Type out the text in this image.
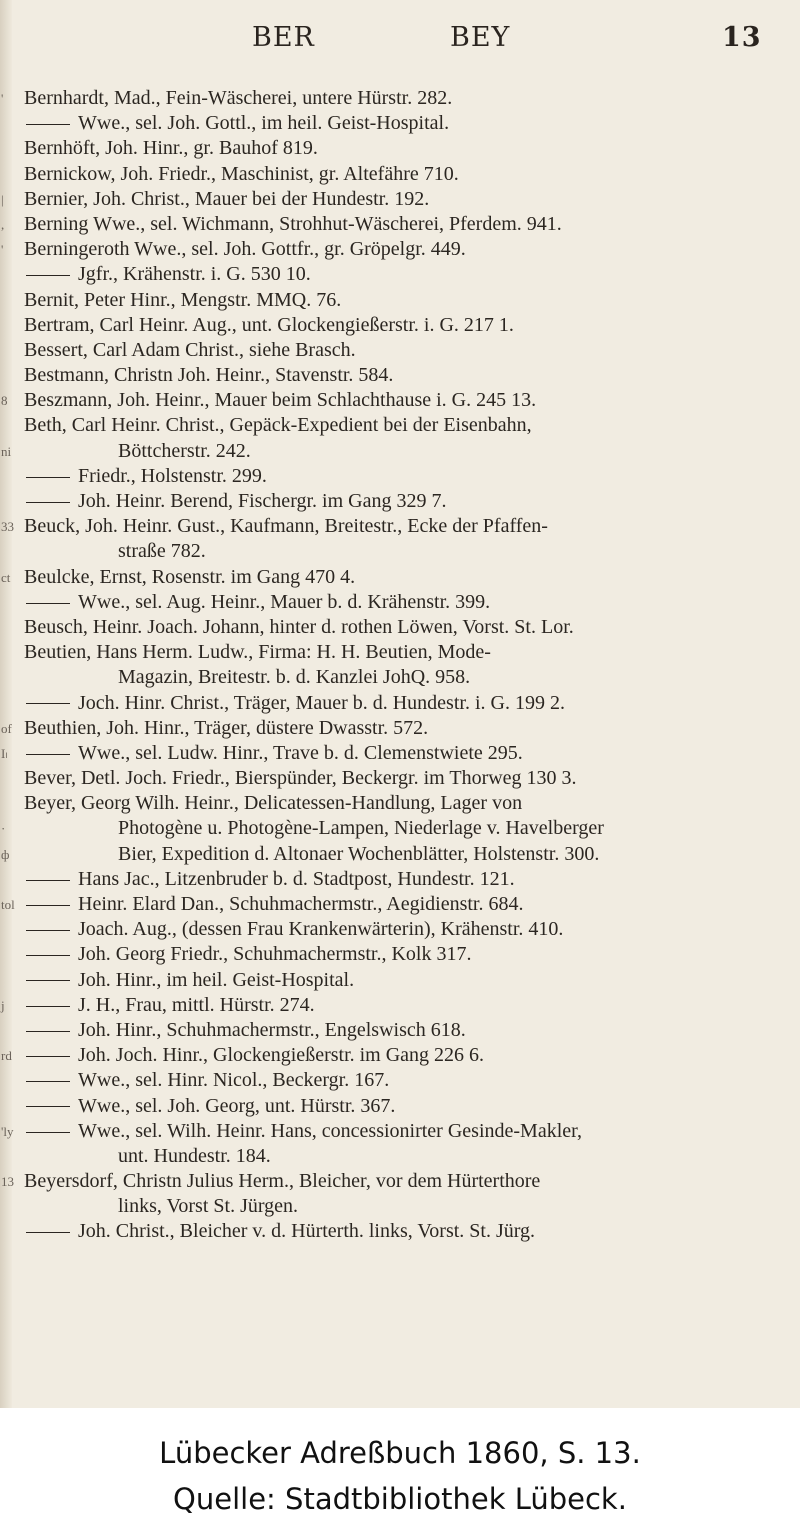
BER	BEY	13
'	Bernhardt, Mad., Fein-Wäscherei, untere Hürstr. 282.
Wwe., sel. Joh. Gottl., im heil. Geist-Hospital.
Bernhöft, Joh. Hinr., gr. Bauhof 819.
Bernickow, Joh. Friedr., Maschinist, gr. Altefähre 710.
|	Bernier, Joh. Christ., Mauer bei der Hundestr. 192.
, Berning Wwe., sel. Wichmann, Strohhut-Wäscherei, Pferdem. 941.
'	Berningeroth Wwe., sel. Joh. Gottfr., gr. Gröpelgr. 449.
Jgfr., Krähenstr. i. G. 530 10.
Bernit, Peter Hinr., Mengstr. MMQ. 76.
Bertram, Carl Heinr. Aug., unt. Glockengießerstr. i. G. 217 1.
Bessert, Carl Adam Christ., siehe Brasch.
Bestmann, Christn Joh. Heinr., Stavenstr. 584.
8 Beszmann, Joh. Heinr., Mauer beim Schlachthause i. G. 245 13.
Beth, Carl Heinr. Christ., Gepäck-Expedient bei der Eisenbahn,
ni	Böttcherstr. 242.
Friedr., Holstenstr. 299.
Joh. Heinr. Berend, Fischergr. im Gang 329 7.
33 Beuck, Joh. Heinr. Gust., Kaufmann, Breitestr., Ecke der Pfaffen-
straße 782.
ct Beulcke, Ernst, Rosenstr. im Gang 470 4.
Wwe., sel. Aug. Heinr., Mauer b. d. Krähenstr. 399.
Beusch, Heinr. Joach. Johann, hinter d. rothen Löwen, Vorst. St. Lor.
Beutien, Hans Herm. Ludw., Firma: H. H. Beutien, Mode-
Magazin, Breitestr. b. d. Kanzlei JohQ. 958.
Joch. Hinr. Christ., Träger, Mauer b. d. Hundestr. i. G. 199 2.
of Beuthien, Joh. Hinr., Träger, düstere Dwasstr. 572.
Iₗ	Wwe., sel. Ludw. Hinr., Trave b. d. Clemenstwiete 295.
Bever, Detl. Joch. Friedr., Bierspünder, Beckergr. im Thorweg 130 3.
Beyer, Georg Wilh. Heinr., Delicatessen-Handlung, Lager von
·	Photogène u. Photogène-Lampen, Niederlage v. Havelberger
ф	Bier, Expedition d. Altonaer Wochenblätter, Holstenstr. 300.
Hans Jac., Litzenbruder b. d. Stadtpost, Hundestr. 121.
tol	Heinr. Elard Dan., Schuhmachermstr., Aegidienstr. 684.
Joach. Aug., (dessen Frau Krankenwärterin), Krähenstr. 410.
Joh. Georg Friedr., Schuhmachermstr., Kolk 317.
Joh. Hinr., im heil. Geist-Hospital.
j	J. H., Frau, mittl. Hürstr. 274.
Joh. Hinr., Schuhmachermstr., Engelswisch 618.
rd	Joh. Joch. Hinr., Glockengießerstr. im Gang 226 6.
Wwe., sel. Hinr. Nicol., Beckergr. 167.
Wwe., sel. Joh. Georg, unt. Hürstr. 367.
'ly	Wwe., sel. Wilh. Heinr. Hans, concessionirter Gesinde-Makler,
unt. Hundestr. 184.
13 Beyersdorf, Christn Julius Herm., Bleicher, vor dem Hürterthore
links, Vorst St. Jürgen.
Joh. Christ., Bleicher v. d. Hürterth. links, Vorst. St. Jürg.
Lübecker Adreßbuch 1860, S. 13.
Quelle: Stadtbibliothek Lübeck.
